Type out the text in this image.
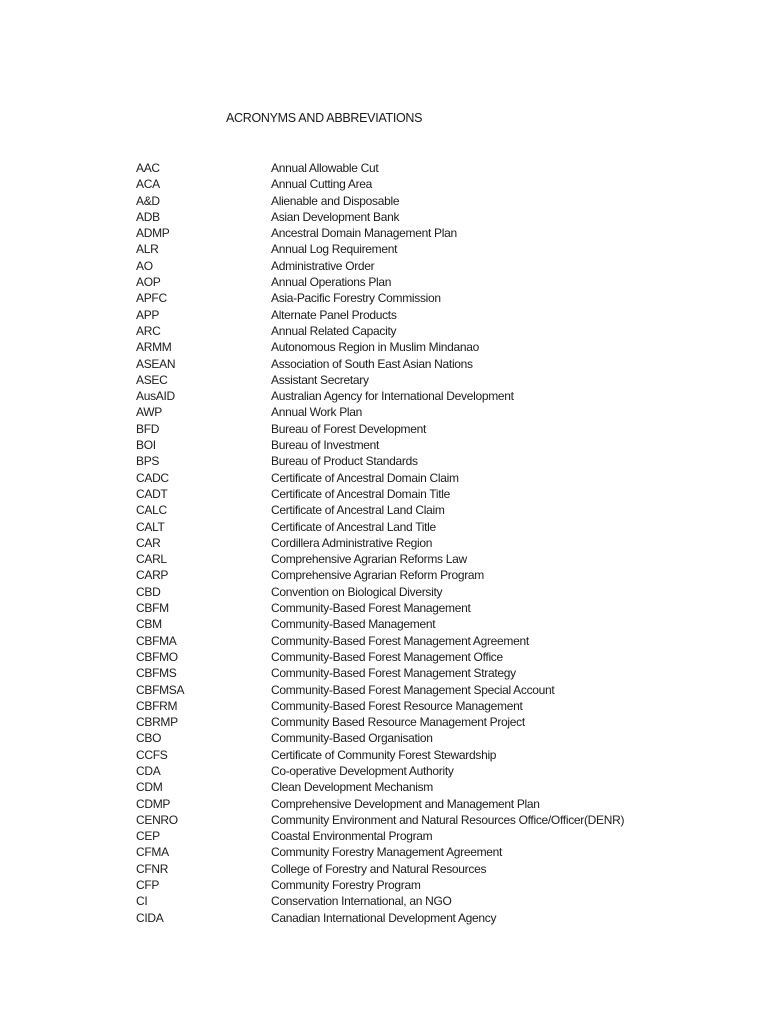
ACRONYMS AND ABBREVIATIONS
AAC	Annual Allowable Cut
ACA	Annual Cutting Area
A&D	Alienable and Disposable
ADB	Asian Development Bank
ADMP	Ancestral Domain Management Plan
ALR	Annual Log Requirement
AO	Administrative Order
AOP	Annual Operations Plan
APFC	Asia-Pacific Forestry Commission
APP	Alternate Panel Products
ARC	Annual Related Capacity
ARMM	Autonomous Region in Muslim Mindanao
ASEAN	Association of South East Asian Nations
ASEC	Assistant Secretary
AusAID	Australian Agency for International Development
AWP	Annual Work Plan
BFD	Bureau of Forest Development
BOI	Bureau of Investment
BPS	Bureau of Product Standards
CADC	Certificate of Ancestral Domain Claim
CADT	Certificate of Ancestral Domain Title
CALC	Certificate of Ancestral Land Claim
CALT	Certificate of Ancestral Land Title
CAR	Cordillera Administrative Region
CARL	Comprehensive Agrarian Reforms Law
CARP	Comprehensive Agrarian Reform Program
CBD	Convention on Biological Diversity
CBFM	Community-Based Forest Management
CBM	Community-Based Management
CBFMA	Community-Based Forest Management Agreement
CBFMO	Community-Based Forest Management Office
CBFMS	Community-Based Forest Management Strategy
CBFMSA	Community-Based Forest Management Special Account
CBFRM	Community-Based Forest Resource Management
CBRMP	Community Based Resource Management Project
CBO	Community-Based Organisation
CCFS	Certificate of Community Forest Stewardship
CDA	Co-operative Development Authority
CDM	Clean Development Mechanism
CDMP	Comprehensive Development and Management Plan
CENRO	Community Environment and Natural Resources Office/Officer(DENR)
CEP	Coastal Environmental Program
CFMA	Community Forestry Management Agreement
CFNR	College of Forestry and Natural Resources
CFP	Community Forestry Program
CI	Conservation International, an NGO
CIDA	Canadian International Development Agency
